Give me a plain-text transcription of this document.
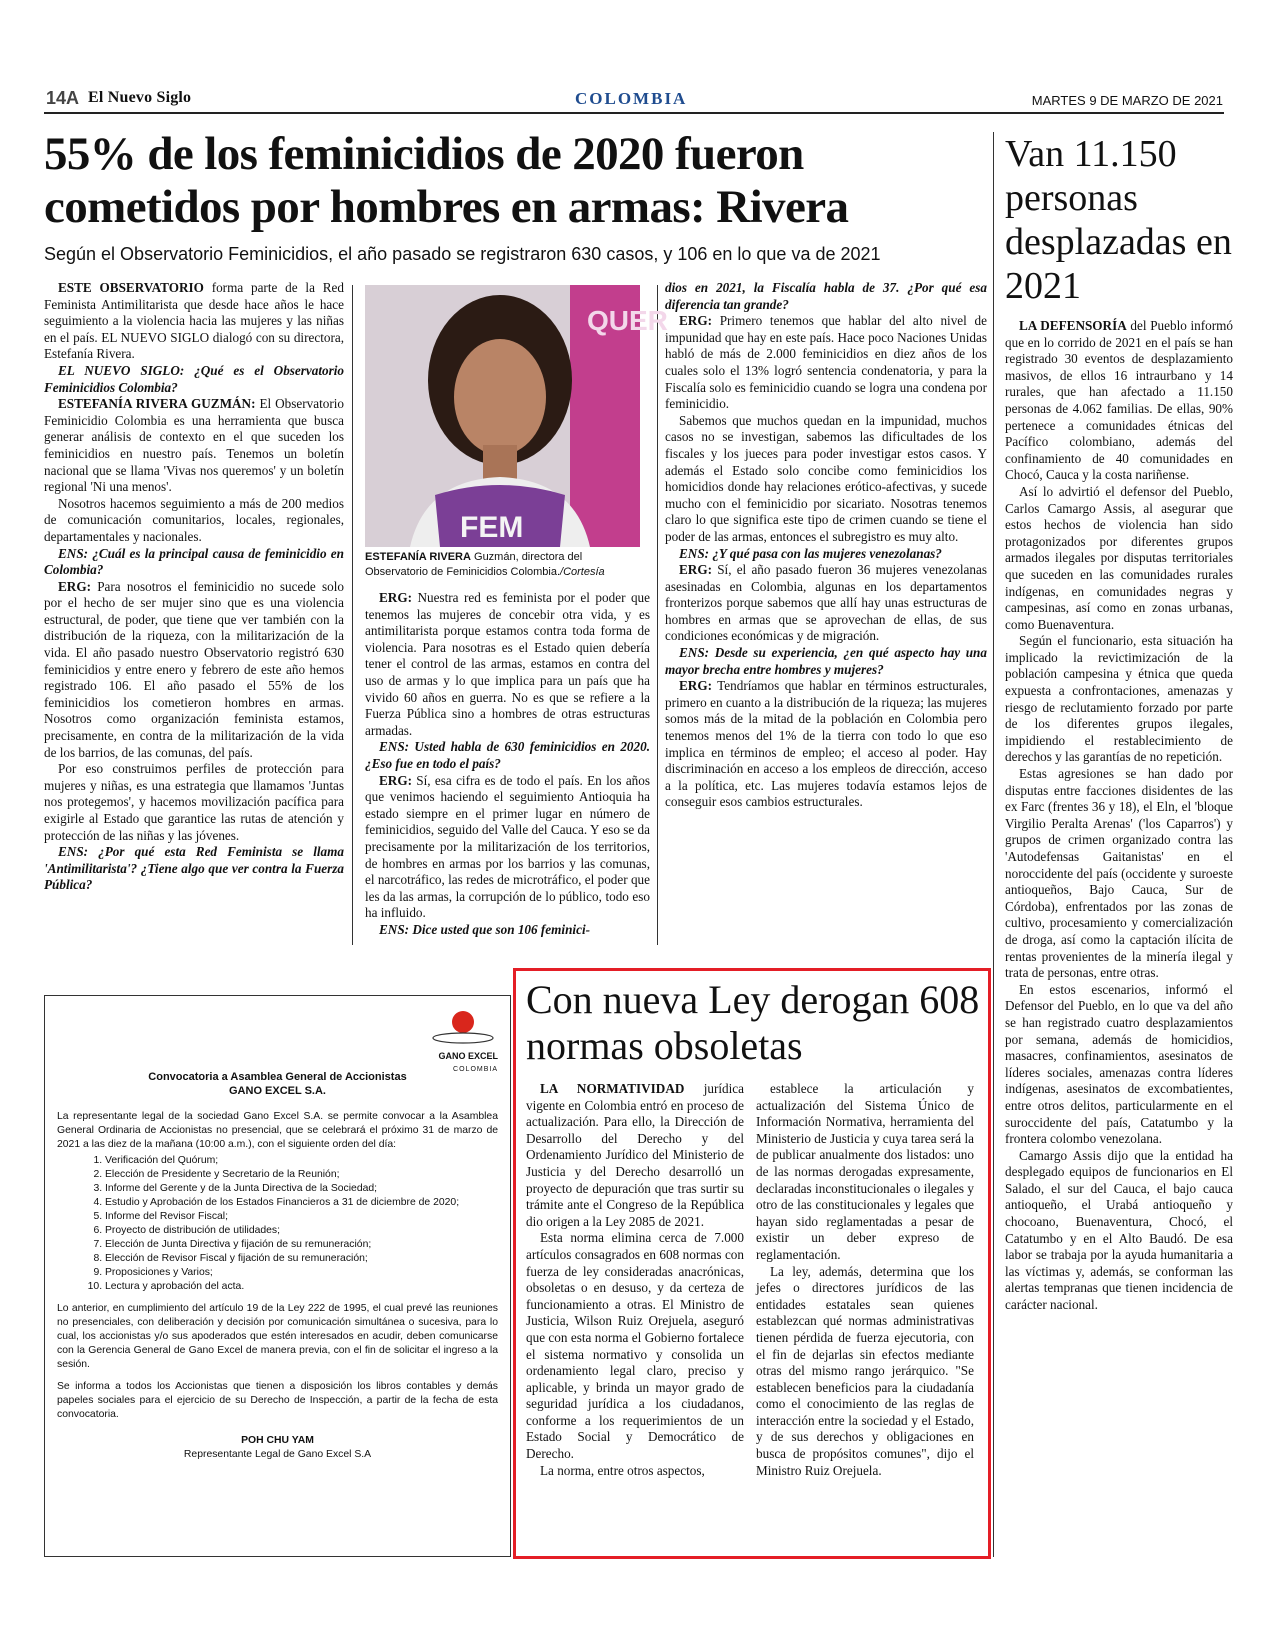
14A El Nuevo Siglo	COLOMBIA	MARTES 9 DE MARZO DE 2021
55% de los feminicidios de 2020 fueron cometidos por hombres en armas: Rivera
Según el Observatorio Feminicidios, el año pasado se registraron 630 casos, y 106 en lo que va de 2021

ESTE OBSERVATORIO forma parte de la Red Feminista Antimilitarista que desde hace años le hace seguimiento a la violencia hacia las mujeres y las niñas en el país. EL NUEVO SIGLO dialogó con su directora, Estefanía Rivera.

EL NUEVO SIGLO: ¿Qué es el Observatorio Feminicidios Colombia?

ESTEFANÍA RIVERA GUZMÁN: El Observatorio Feminicidio Colombia es una herramienta que busca generar análisis de contexto en el que suceden los feminicidios en nuestro país. Tenemos un boletín nacional que se llama 'Vivas nos queremos' y un boletín regional 'Ni una menos'.

Nosotros hacemos seguimiento a más de 200 medios de comunicación comunitarios, locales, regionales, departamentales y nacionales.

ENS: ¿Cuál es la principal causa de feminicidio en Colombia?

ERG: Para nosotros el feminicidio no sucede solo por el hecho de ser mujer sino que es una violencia estructural, de poder, que tiene que ver también con la distribución de la riqueza, con la militarización de la vida. El año pasado nuestro Observatorio registró 630 feminicidios y entre enero y febrero de este año hemos registrado 106. El año pasado el 55% de los feminicidios los cometieron hombres en armas. Nosotros como organización feminista estamos, precisamente, en contra de la militarización de la vida de los barrios, de las comunas, del país.

Por eso construimos perfiles de protección para mujeres y niñas, es una estrategia que llamamos 'Juntas nos protegemos', y hacemos movilización pacífica para exigirle al Estado que garantice las rutas de atención y protección de las niñas y las jóvenes.

ENS: ¿Por qué esta Red Feminista se llama 'Antimilitarista'? ¿Tiene algo que ver contra la Fuerza Pública?

QUER
FEM
ESTEFANÍA RIVERA Guzmán, directora del Observatorio de Feminicidios Colombia./Cortesía

ERG: Nuestra red es feminista por el poder que tenemos las mujeres de concebir otra vida, y es antimilitarista porque estamos contra toda forma de violencia. Para nosotras es el Estado quien debería tener el control de las armas, estamos en contra del uso de armas y lo que implica para un país que ha vivido 60 años en guerra. No es que se refiere a la Fuerza Pública sino a hombres de otras estructuras armadas.

ENS: Usted habla de 630 feminicidios en 2020. ¿Eso fue en todo el país?

ERG: Sí, esa cifra es de todo el país. En los años que venimos haciendo el seguimiento Antioquia ha estado siempre en el primer lugar en número de feminicidios, seguido del Valle del Cauca. Y eso se da precisamente por la militarización de los territorios, de hombres en armas por los barrios y las comunas, el narcotráfico, las redes de microtráfico, el poder que les da las armas, la corrupción de lo público, todo eso ha influido.

ENS: Dice usted que son 106 feminici-

dios en 2021, la Fiscalía habla de 37. ¿Por qué esa diferencia tan grande?

ERG: Primero tenemos que hablar del alto nivel de impunidad que hay en este país. Hace poco Naciones Unidas habló de más de 2.000 feminicidios en diez años de los cuales solo el 13% logró sentencia condenatoria, y para la Fiscalía solo es feminicidio cuando se logra una condena por feminicidio.

Sabemos que muchos quedan en la impunidad, muchos casos no se investigan, sabemos las dificultades de los fiscales y los jueces para poder investigar estos casos. Y además el Estado solo concibe como feminicidios los homicidios donde hay relaciones erótico-afectivas, y sucede mucho con el feminicidio por sicariato. Nosotras tenemos claro lo que significa este tipo de crimen cuando se tiene el poder de las armas, entonces el subregistro es muy alto.

ENS: ¿Y qué pasa con las mujeres venezolanas?

ERG: Sí, el año pasado fueron 36 mujeres venezolanas asesinadas en Colombia, algunas en los departamentos fronterizos porque sabemos que allí hay unas estructuras de hombres en armas que se aprovechan de ellas, de sus condiciones económicas y de migración.

ENS: Desde su experiencia, ¿en qué aspecto hay una mayor brecha entre hombres y mujeres?

ERG: Tendríamos que hablar en términos estructurales, primero en cuanto a la distribución de la riqueza; las mujeres somos más de la mitad de la población en Colombia pero tenemos menos del 1% de la tierra con todo lo que eso implica en términos de empleo; el acceso al poder. Hay discriminación en acceso a los empleos de dirección, acceso a la política, etc. Las mujeres todavía estamos lejos de conseguir esos cambios estructurales.

Van 11.150 personas desplazadas en 2021

LA DEFENSORÍA del Pueblo informó que en lo corrido de 2021 en el país se han registrado 30 eventos de desplazamiento masivos, de ellos 16 intraurbano y 14 rurales, que han afectado a 11.150 personas de 4.062 familias. De ellas, 90% pertenece a comunidades étnicas del Pacífico colombiano, además del confinamiento de 40 comunidades en Chocó, Cauca y la costa nariñense.

Así lo advirtió el defensor del Pueblo, Carlos Camargo Assis, al asegurar que estos hechos de violencia han sido protagonizados por diferentes grupos armados ilegales por disputas territoriales que suceden en las comunidades rurales indígenas, en comunidades negras y campesinas, así como en zonas urbanas, como Buenaventura.

Según el funcionario, esta situación ha implicado la revictimización de la población campesina y étnica que queda expuesta a confrontaciones, amenazas y riesgo de reclutamiento forzado por parte de los diferentes grupos ilegales, impidiendo el restablecimiento de derechos y las garantías de no repetición.

Estas agresiones se han dado por disputas entre facciones disidentes de las ex Farc (frentes 36 y 18), el Eln, el 'bloque Virgilio Peralta Arenas' ('los Caparros') y grupos de crimen organizado contra las 'Autodefensas Gaitanistas' en el noroccidente del país (occidente y suroeste antioqueños, Bajo Cauca, Sur de Córdoba), enfrentados por las zonas de cultivo, procesamiento y comercialización de droga, así como la captación ilícita de rentas provenientes de la minería ilegal y trata de personas, entre otras.

En estos escenarios, informó el Defensor del Pueblo, en lo que va del año se han registrado cuatro desplazamientos por semana, además de homicidios, masacres, confinamientos, asesinatos de líderes sociales, amenazas contra líderes indígenas, asesinatos de excombatientes, entre otros delitos, particularmente en el suroccidente del país, Catatumbo y la frontera colombo venezolana.

Camargo Assis dijo que la entidad ha desplegado equipos de funcionarios en El Salado, el sur del Cauca, el bajo cauca antioqueño, el Urabá antioqueño y chocoano, Buenaventura, Chocó, el Catatumbo y en el Alto Baudó. De esa labor se trabaja por la ayuda humanitaria a las víctimas y, además, se conforman las alertas tempranas que tienen incidencia de carácter nacional.

GANO EXCEL
COLOMBIA
Convocatoria a Asamblea General de Accionistas
GANO EXCEL S.A.
La representante legal de la sociedad Gano Excel S.A. se permite convocar a la Asamblea General Ordinaria de Accionistas no presencial, que se celebrará el próximo 31 de marzo de 2021 a las diez de la mañana (10:00 a.m.), con el siguiente orden del día:
1. Verificación del Quórum;
2. Elección de Presidente y Secretario de la Reunión;
3. Informe del Gerente y de la Junta Directiva de la Sociedad;
4. Estudio y Aprobación de los Estados Financieros a 31 de diciembre de 2020;
5. Informe del Revisor Fiscal;
6. Proyecto de distribución de utilidades;
7. Elección de Junta Directiva y fijación de su remuneración;
8. Elección de Revisor Fiscal y fijación de su remuneración;
9. Proposiciones y Varios;
10. Lectura y aprobación del acta.
Lo anterior, en cumplimiento del artículo 19 de la Ley 222 de 1995, el cual prevé las reuniones no presenciales, con deliberación y decisión por comunicación simultánea o sucesiva, para lo cual, los accionistas y/o sus apoderados que estén interesados en acudir, deben comunicarse con la Gerencia General de Gano Excel de manera previa, con el fin de solicitar el ingreso a la sesión.
Se informa a todos los Accionistas que tienen a disposición los libros contables y demás papeles sociales para el ejercicio de su Derecho de Inspección, a partir de la fecha de esta convocatoria.
POH CHU YAM
Representante Legal de Gano Excel S.A
Con nueva Ley derogan 608 normas obsoletas

LA NORMATIVIDAD jurídica vigente en Colombia entró en proceso de actualización. Para ello, la Dirección de Desarrollo del Derecho y del Ordenamiento Jurídico del Ministerio de Justicia y del Derecho desarrolló un proyecto de depuración que tras surtir su trámite ante el Congreso de la República dio origen a la Ley 2085 de 2021.

Esta norma elimina cerca de 7.000 artículos consagrados en 608 normas con fuerza de ley consideradas anacrónicas, obsoletas o en desuso, y da certeza de funcionamiento a otras. El Ministro de Justicia, Wilson Ruiz Orejuela, aseguró que con esta norma el Gobierno fortalece el sistema normativo y consolida un ordenamiento legal claro, preciso y aplicable, y brinda un mayor grado de seguridad jurídica a los ciudadanos, conforme a los requerimientos de un Estado Social y Democrático de Derecho.

La norma, entre otros aspectos,

establece la articulación y actualización del Sistema Único de Información Normativa, herramienta del Ministerio de Justicia y cuya tarea será la de publicar anualmente dos listados: uno de las normas derogadas expresamente, declaradas inconstitucionales o ilegales y otro de las constitucionales y legales que hayan sido reglamentadas a pesar de existir un deber expreso de reglamentación.

La ley, además, determina que los jefes o directores jurídicos de las entidades estatales sean quienes establezcan qué normas administrativas tienen pérdida de fuerza ejecutoria, con el fin de dejarlas sin efectos mediante otras del mismo rango jerárquico. "Se establecen beneficios para la ciudadanía como el conocimiento de las reglas de interacción entre la sociedad y el Estado, y de sus derechos y obligaciones en busca de propósitos comunes", dijo el Ministro Ruiz Orejuela.
